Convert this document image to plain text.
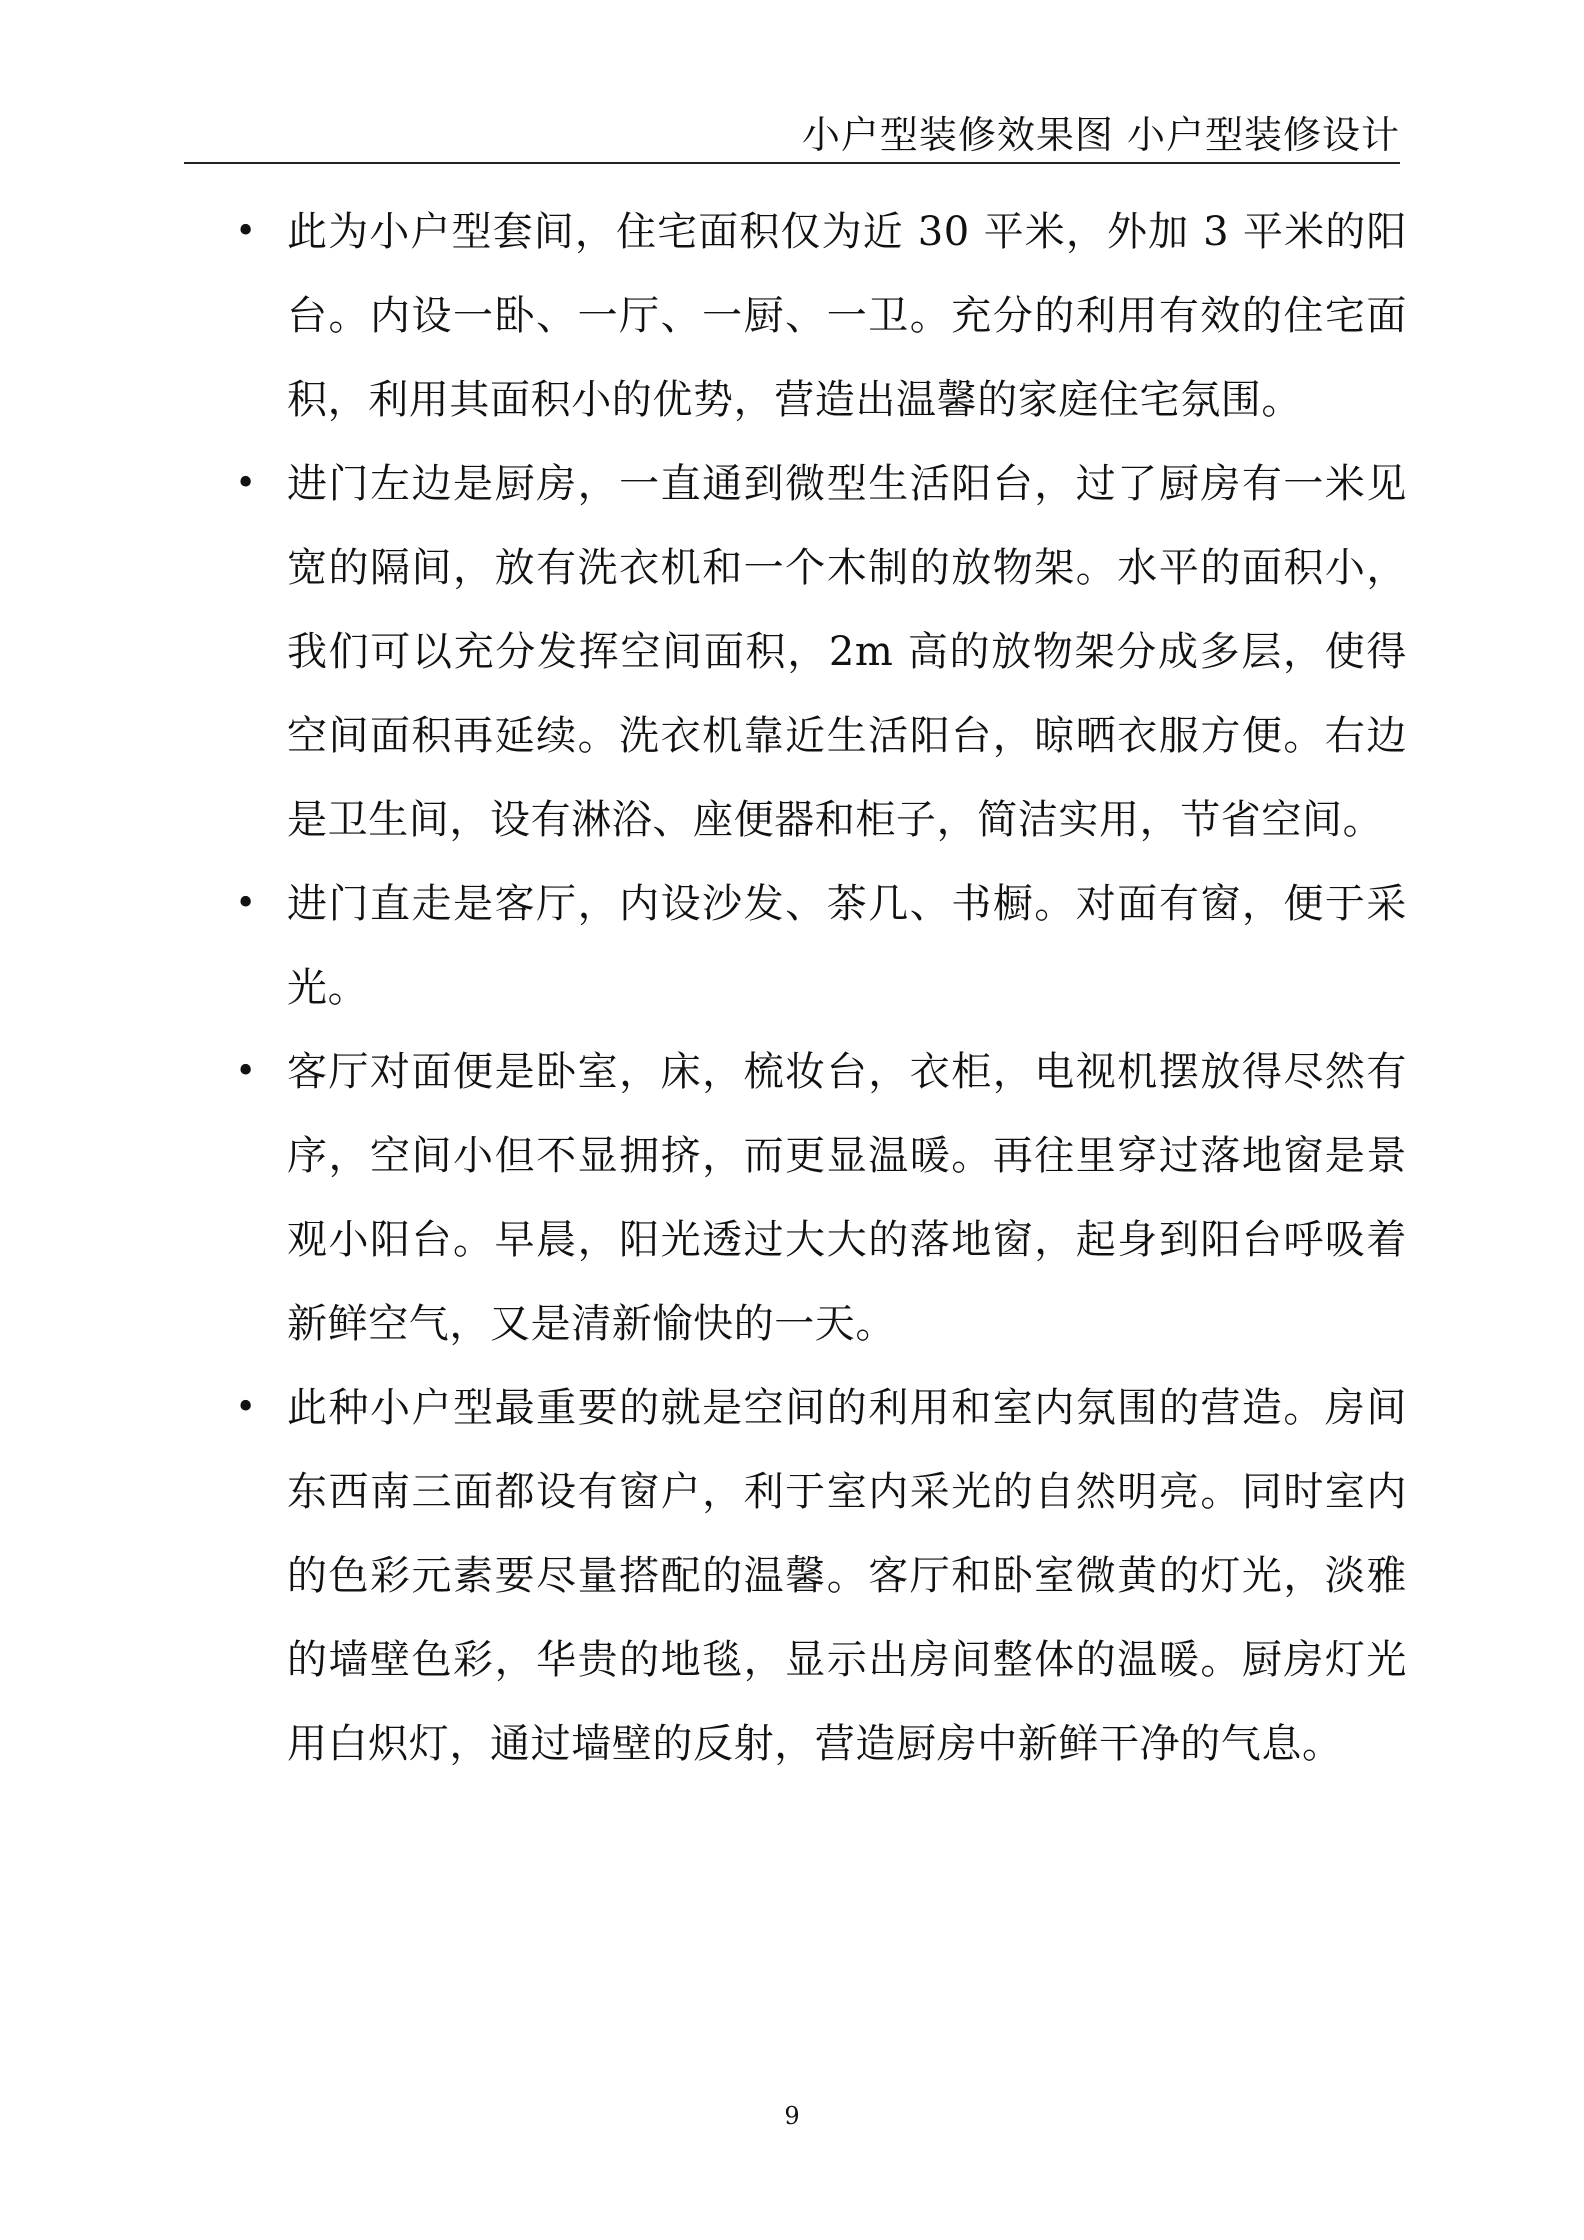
小户型装修效果图 小户型装修设计
• 此为小户型套间，住宅面积仅为近 30 平米，外加 3 平米的阳台。内设一卧、一厅、一厨、一卫。充分的利用有效的住宅面积，利用其面积小的优势，营造出温馨的家庭住宅氛围。
• 进门左边是厨房，一直通到微型生活阳台，过了厨房有一米见宽的隔间，放有洗衣机和一个木制的放物架。水平的面积小，我们可以充分发挥空间面积，2m 高的放物架分成多层，使得空间面积再延续。洗衣机靠近生活阳台，晾晒衣服方便。右边是卫生间，设有淋浴、座便器和柜子，简洁实用，节省空间。
• 进门直走是客厅，内设沙发、茶几、书橱。对面有窗，便于采光。
• 客厅对面便是卧室，床，梳妆台，衣柜，电视机摆放得尽然有序，空间小但不显拥挤，而更显温暖。再往里穿过落地窗是景观小阳台。早晨，阳光透过大大的落地窗，起身到阳台呼吸着新鲜空气，又是清新愉快的一天。
• 此种小户型最重要的就是空间的利用和室内氛围的营造。房间东西南三面都设有窗户，利于室内采光的自然明亮。同时室内的色彩元素要尽量搭配的温馨。客厅和卧室微黄的灯光，淡雅的墙壁色彩，华贵的地毯，显示出房间整体的温暖。厨房灯光用白炽灯，通过墙壁的反射，营造厨房中新鲜干净的气息。
9
